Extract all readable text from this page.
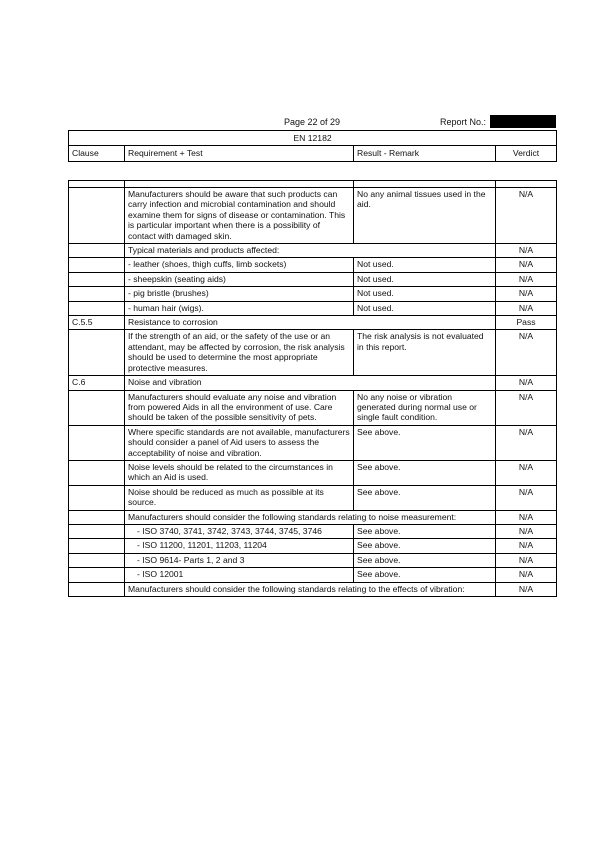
Page 22 of 29	Report No.:
EN 12182
Clause	Requirement + Test	Result - Remark	Verdict

	Manufacturers should be aware that such products can carry infection and microbial contamination and should examine them for signs of disease or contamination. This is particular important when there is a possibility of contact with damaged skin.	No any animal tissues used in the aid.	N/A
	Typical materials and products affected:		N/A
	- leather (shoes, thigh cuffs, limb sockets)	Not used.	N/A
	- sheepskin (seating aids)	Not used.	N/A
	- pig bristle (brushes)	Not used.	N/A
	- human hair (wigs).	Not used.	N/A
C.5.5	Resistance to corrosion		Pass
	If the strength of an aid, or the safety of the use or an attendant, may be affected by corrosion, the risk analysis should be used to determine the most appropriate protective measures.	The risk analysis is not evaluated in this report.	N/A
C.6	Noise and vibration		N/A
	Manufacturers should evaluate any noise and vibration from powered Aids in all the environment of use. Care should be taken of the possible sensitivity of pets.	No any noise or vibration generated during normal use or single fault condition.	N/A
	Where specific standards are not available, manufacturers should consider a panel of Aid users to assess the acceptability of noise and vibration.	See above.	N/A
	Noise levels should be related to the circumstances in which an Aid is used.	See above.	N/A
	Noise should be reduced as much as possible at its source.	See above.	N/A
	Manufacturers should consider the following standards relating to noise measurement:		N/A
	- ISO 3740, 3741, 3742, 3743, 3744, 3745, 3746	See above.	N/A
	- ISO 11200, 11201, 11203, 11204	See above.	N/A
	- ISO 9614- Parts 1, 2 and 3	See above.	N/A
	- ISO 12001	See above.	N/A
	Manufacturers should consider the following standards relating to the effects of vibration:		N/A
